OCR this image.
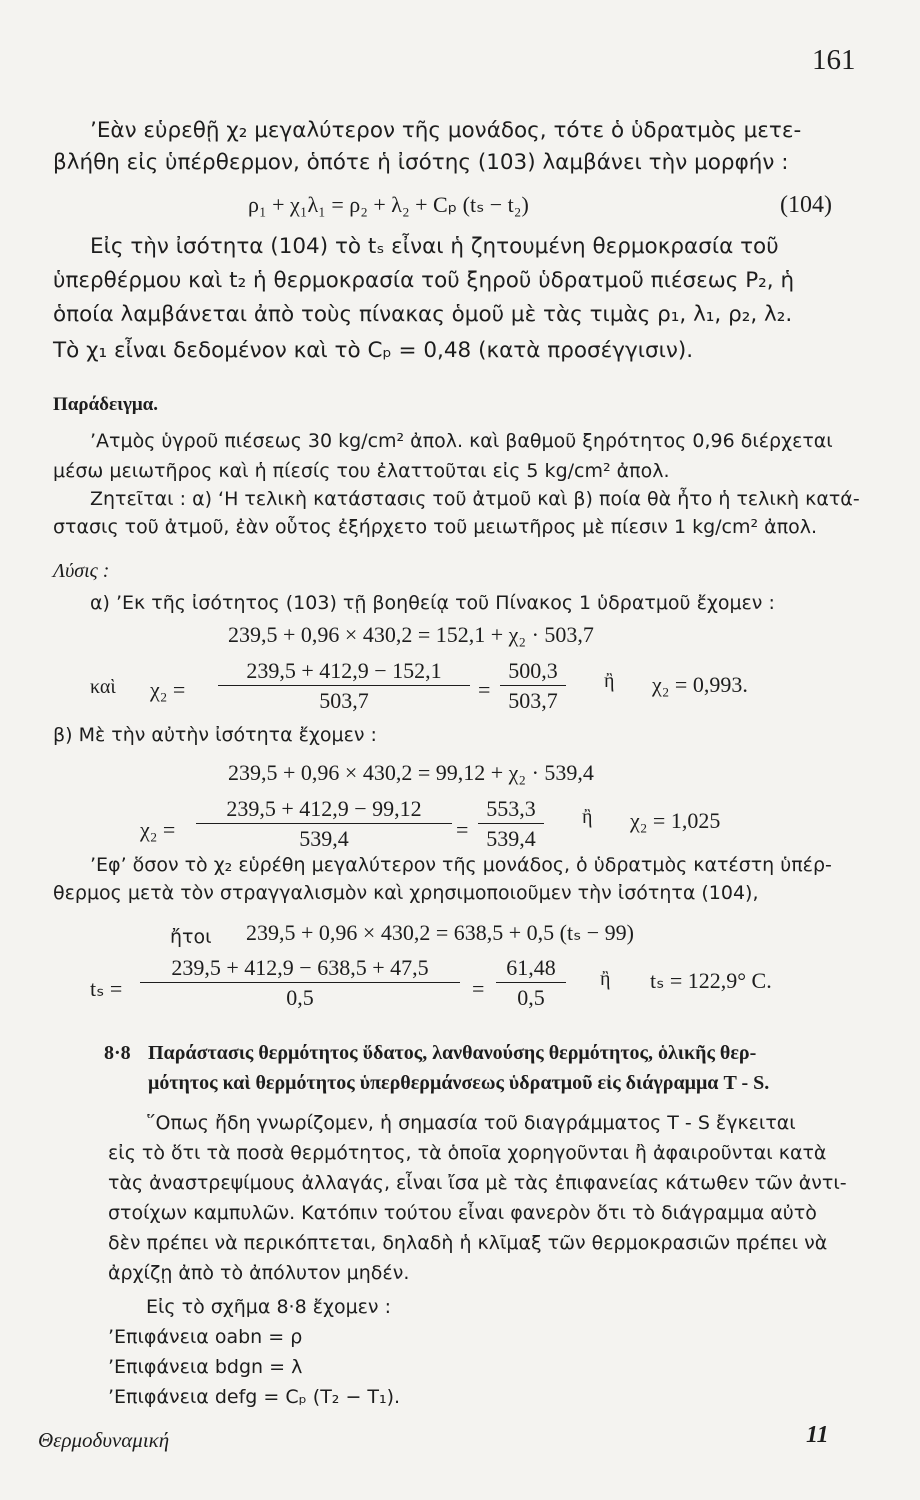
161
’Εὰν εὑρεθῇ χ₂ μεγαλύτερον τῆς μονάδος, τότε ὁ ὑδρατμὸς μετε-
βλήθη εἰς ὑπέρθερμον, ὁπότε ἡ ἰσότης (103) λαμβάνει τὴν μορφήν :
ρ₁ + χ₁λ₁ = ρ₂ + λ₂ + Cₚ (tₛ − t₂)	(104)
Εἰς τὴν ἰσότητα (104) τὸ tₛ εἶναι ἡ ζητουμένη θερμοκρασία τοῦ
ὑπερθέρμου καὶ t₂ ἡ θερμοκρασία τοῦ ξηροῦ ὑδρατμοῦ πιέσεως P₂, ἡ
ὁποία λαμβάνεται ἀπὸ τοὺς πίνακας ὁμοῦ μὲ τὰς τιμὰς ρ₁, λ₁, ρ₂, λ₂.
Τὸ χ₁ εἶναι δεδομένον καὶ τὸ Cₚ = 0,48 (κατὰ προσέγγισιν).
Παράδειγμα.
’Ατμὸς ὑγροῦ πιέσεως 30 kg/cm² ἀπολ. καὶ βαθμοῦ ξηρότητος 0,96 διέρχεται
μέσω μειωτῆρος καὶ ἡ πίεσίς του ἐλαττοῦται εἰς 5 kg/cm² ἀπολ.
Ζητεῖται : α) ‘Η τελικὴ κατάστασις τοῦ ἀτμοῦ καὶ β) ποία θὰ ἦτο ἡ τελικὴ κατά-
στασις τοῦ ἀτμοῦ, ἐὰν οὗτος ἐξήρχετο τοῦ μειωτῆρος μὲ πίεσιν 1 kg/cm² ἀπολ.
Λύσις :
α) ’Εκ τῆς ἰσότητος (103) τῇ βοηθείᾳ τοῦ Πίνακος 1 ὑδρατμοῦ ἔχομεν :
239,5 + 0,96 × 430,2 = 152,1 + χ₂ · 503,7
καὶ χ₂ =
239,5 + 412,9 − 152,1
503,7	=
500,3
503,7
ἢ χ₂ = 0,993.
β) Μὲ τὴν αὐτὴν ἰσότητα ἔχομεν :
239,5 + 0,96 × 430,2 = 99,12 + χ₂ · 539,4
χ₂ =
239,5 + 412,9 − 99,12
539,4	=
553,3
539,4
ἢ χ₂ = 1,025
’Εφ’ ὅσον τὸ χ₂ εὑρέθη μεγαλύτερον τῆς μονάδος, ὁ ὑδρατμὸς κατέστη ὑπέρ-
θερμος μετὰ τὸν στραγγαλισμὸν καὶ χρησιμοποιοῦμεν τὴν ἰσότητα (104),
ἤτοι 239,5 + 0,96 × 430,2 = 638,5 + 0,5 (tₛ − 99)
tₛ =
239,5 + 412,9 − 638,5 + 47,5
0,5	=
61,48
0,5
ἢ tₛ = 122,9° C.
8·8 Παράστασις θερμότητος ὕδατος, λανθανούσης θερμότητος, ὁλικῆς θερ-
μότητος καὶ θερμότητος ὑπερθερμάνσεως ὑδρατμοῦ εἰς διάγραμμα T - S.
῞Οπως ἤδη γνωρίζομεν, ἡ σημασία τοῦ διαγράμματος T - S ἔγκειται
εἰς τὸ ὅτι τὰ ποσὰ θερμότητος, τὰ ὁποῖα χορηγοῦνται ἢ ἀφαιροῦνται κατὰ
τὰς ἀναστρεψίμους ἀλλαγάς, εἶναι ἴσα μὲ τὰς ἐπιφανείας κάτωθεν τῶν ἀντι-
στοίχων καμπυλῶν. Κατόπιν τούτου εἶναι φανερὸν ὅτι τὸ διάγραμμα αὐτὸ
δὲν πρέπει νὰ περικόπτεται, δηλαδὴ ἡ κλῖμαξ τῶν θερμοκρασιῶν πρέπει νὰ
ἀρχίζῃ ἀπὸ τὸ ἀπόλυτον μηδέν.
Εἰς τὸ σχῆμα 8·8 ἔχομεν :
’Επιφάνεια oabn = ρ
’Επιφάνεια bdgn = λ
’Επιφάνεια defg = Cₚ (T₂ − T₁).
Θερμοδυναμική	11
